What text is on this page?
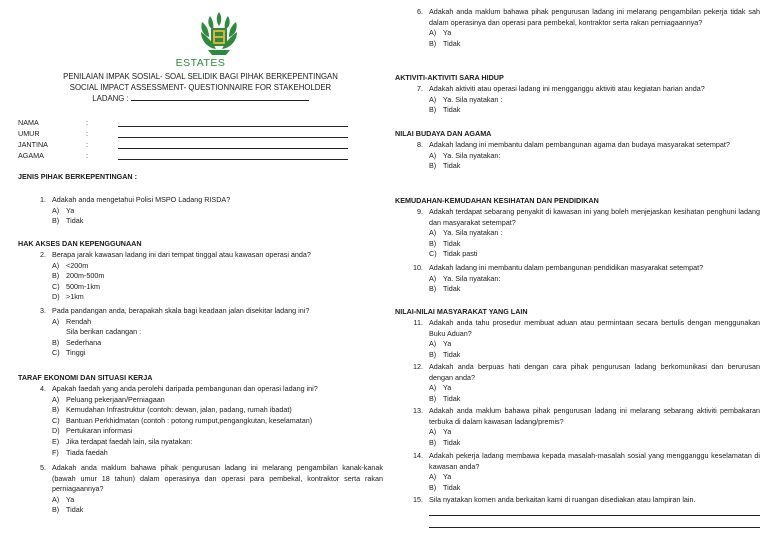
ESTATES
PENILAIAN IMPAK SOSIAL- SOAL SELIDIK BAGI PIHAK BERKEPENTINGAN
SOCIAL IMPACT ASSESSMENT- QUESTIONNAIRE FOR STAKEHOLDER
LADANG :
NAMA	:
UMUR	:
JANTINA	:
AGAMA	:
JENIS PIHAK BERKEPENTINGAN :
1. Adakah anda mengetahui Polisi MSPO Ladang RISDA?
A) Ya
B) Tidak
HAK AKSES DAN KEPENGGUNAAN
2. Berapa jarak kawasan ladang ini dari tempat tinggal atau kawasan operasi anda?
A) <200m
B) 200m-500m
C) 500m-1km
D) >1km
3. Pada pandangan anda, berapakah skala bagi keadaan jalan disekitar ladang ini?
A) Rendah
Sila berikan cadangan :
B) Sederhana
C) Tinggi
TARAF EKONOMI DAN SITUASI KERJA
4. Apakah faedah yang anda perolehi daripada pembangunan dan operasi ladang ini?
A) Peluang pekerjaan/Perniagaan
B) Kemudahan Infrastruktur (contoh: dewan, jalan, padang, rumah ibadat)
C) Bantuan Perkhidmatan (contoh : potong rumput,pengangkutan, keselamatan)
D) Pertukaran informasi
E) Jika terdapat faedah lain, sila nyatakan:
F)	Tiada faedah
5. Adakah anda maklum bahawa pihak pengurusan ladang ini melarang pengambilan kanak-kanak (bawah umur 18 tahun) dalam operasinya dan operasi para pembekal, kontraktor serta rakan perniagaannya?
A) Ya
B) Tidak
6. Adakah anda maklum bahawa pihak pengurusan ladang ini melarang pengambilan pekerja tidak sah dalam operasinya dan operasi para pembekal, kontraktor serta rakan perniagaannya?
A) Ya
B) Tidak
AKTIVITI-AKTIVITI SARA HIDUP
7. Adakah aktiviti atau operasi ladang ini mengganggu aktiviti atau kegiatan harian anda?
A) Ya. Sila nyatakan :
B) Tidak
NILAI BUDAYA DAN AGAMA
8. Adakah ladang ini membantu dalam pembangunan agama dan budaya masyarakat setempat?
A) Ya. Sila nyatakan:
B) Tidak
KEMUDAHAN-KEMUDAHAN KESIHATAN DAN PENDIDIKAN
9. Adakah terdapat sebarang penyakit di kawasan ini yang boleh menjejaskan kesihatan penghuni ladang dan masyarakat setempat?
A) Ya. Sila nyatakan :
B) Tidak
C) Tidak pasti
10. Adakah ladang ini membantu dalam pembangunan pendidikan masyarakat setempat?
A) Ya. Sila nyatakan:
B) Tidak
NILAI-NILAI MASYARAKAT YANG LAIN
11. Adakah anda tahu prosedur membuat aduan atau permintaan secara bertulis dengan menggunakan Buku Aduan?
A) Ya
B) Tidak
12. Adakah anda berpuas hati dengan cara pihak pengurusan ladang berkomunikasi dan berurusan dengan anda?
A) Ya
B) Tidak
13. Adakah anda maklum bahawa pihak pengurusan ladang ini melarang sebarang aktiviti pembakaran terbuka di dalam kawasan ladang/premis?
A) Ya
B) Tidak
14. Adakah pekerja ladang membawa kepada masalah-masalah sosial yang mengganggu keselamatan di kawasan anda?
A) Ya
B) Tidak
15. Sila nyatakan komen anda berkaitan kami di ruangan disediakan atau lampiran lain.
